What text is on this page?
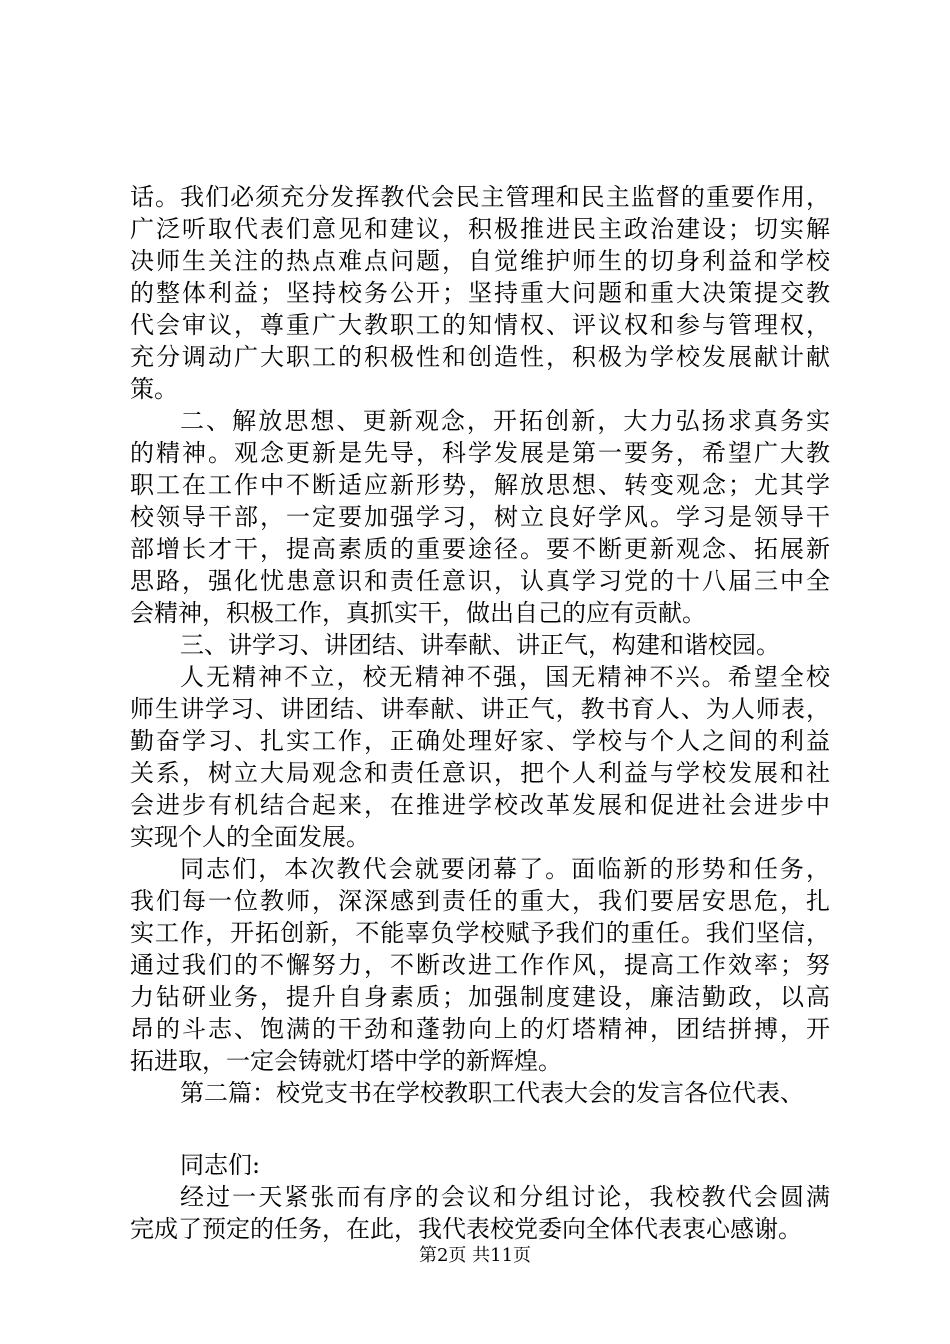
话。我们必须充分发挥教代会民主管理和民主监督的重要作用，
广泛听取代表们意见和建议，积极推进民主政治建设；切实解
决师生关注的热点难点问题，自觉维护师生的切身利益和学校
的整体利益；坚持校务公开；坚持重大问题和重大决策提交教
代会审议，尊重广大教职工的知情权、评议权和参与管理权，
充分调动广大职工的积极性和创造性，积极为学校发展献计献
策。
二、解放思想、更新观念，开拓创新，大力弘扬求真务实
的精神。观念更新是先导，科学发展是第一要务，希望广大教
职工在工作中不断适应新形势，解放思想、转变观念；尤其学
校领导干部，一定要加强学习，树立良好学风。学习是领导干
部增长才干，提高素质的重要途径。要不断更新观念、拓展新
思路，强化忧患意识和责任意识，认真学习党的十八届三中全
会精神，积极工作，真抓实干，做出自己的应有贡献。
三、讲学习、讲团结、讲奉献、讲正气，构建和谐校园。
人无精神不立，校无精神不强，国无精神不兴。希望全校
师生讲学习、讲团结、讲奉献、讲正气，教书育人、为人师表，
勤奋学习、扎实工作，正确处理好家、学校与个人之间的利益
关系，树立大局观念和责任意识，把个人利益与学校发展和社
会进步有机结合起来，在推进学校改革发展和促进社会进步中
实现个人的全面发展。
同志们，本次教代会就要闭幕了。面临新的形势和任务，
我们每一位教师，深深感到责任的重大，我们要居安思危，扎
实工作，开拓创新，不能辜负学校赋予我们的重任。我们坚信，
通过我们的不懈努力，不断改进工作作风，提高工作效率；努
力钻研业务，提升自身素质；加强制度建设，廉洁勤政，以高
昂的斗志、饱满的干劲和蓬勃向上的灯塔精神，团结拼搏，开
拓进取，一定会铸就灯塔中学的新辉煌。
第二篇：校党支书在学校教职工代表大会的发言各位代表、
同志们:
经过一天紧张而有序的会议和分组讨论，我校教代会圆满
完成了预定的任务，在此，我代表校党委向全体代表衷心感谢。
第2页 共11页
